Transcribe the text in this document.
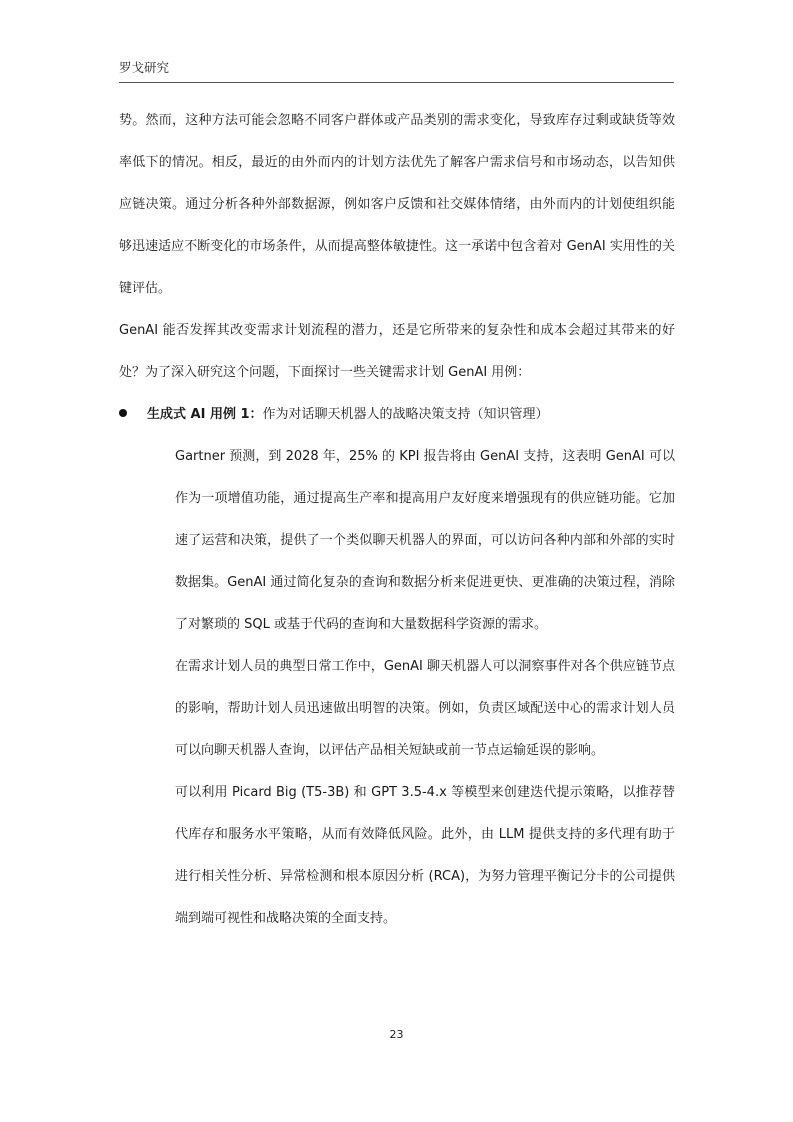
罗戈研究

势。然而，这种方法可能会忽略不同客户群体或产品类别的需求变化，导致库存过剩或缺货等效率低下的情况。相反，最近的由外而内的计划方法优先了解客户需求信号和市场动态，以告知供应链决策。通过分析各种外部数据源，例如客户反馈和社交媒体情绪，由外而内的计划使组织能够迅速适应不断变化的市场条件，从而提高整体敏捷性。这一承诺中包含着对 GenAI 实用性的关键评估。

GenAI 能否发挥其改变需求计划流程的潜力，还是它所带来的复杂性和成本会超过其带来的好处？为了深入研究这个问题，下面探讨一些关键需求计划 GenAI 用例：

生成式 AI 用例 1：作为对话聊天机器人的战略决策支持（知识管理）

Gartner 预测，到 2028 年，25% 的 KPI 报告将由 GenAI 支持，这表明 GenAI 可以作为一项增值功能，通过提高生产率和提高用户友好度来增强现有的供应链功能。它加速了运营和决策，提供了一个类似聊天机器人的界面，可以访问各种内部和外部的实时数据集。GenAI 通过简化复杂的查询和数据分析来促进更快、更准确的决策过程，消除了对繁琐的 SQL 或基于代码的查询和大量数据科学资源的需求。

在需求计划人员的典型日常工作中，GenAI 聊天机器人可以洞察事件对各个供应链节点的影响，帮助计划人员迅速做出明智的决策。例如，负责区域配送中心的需求计划人员可以向聊天机器人查询，以评估产品相关短缺或前一节点运输延误的影响。

可以利用 Picard Big (T5-3B) 和 GPT 3.5-4.x 等模型来创建迭代提示策略，以推荐替代库存和服务水平策略，从而有效降低风险。此外，由 LLM 提供支持的多代理有助于进行相关性分析、异常检测和根本原因分析 (RCA)，为努力管理平衡记分卡的公司提供端到端可视性和战略决策的全面支持。

23
